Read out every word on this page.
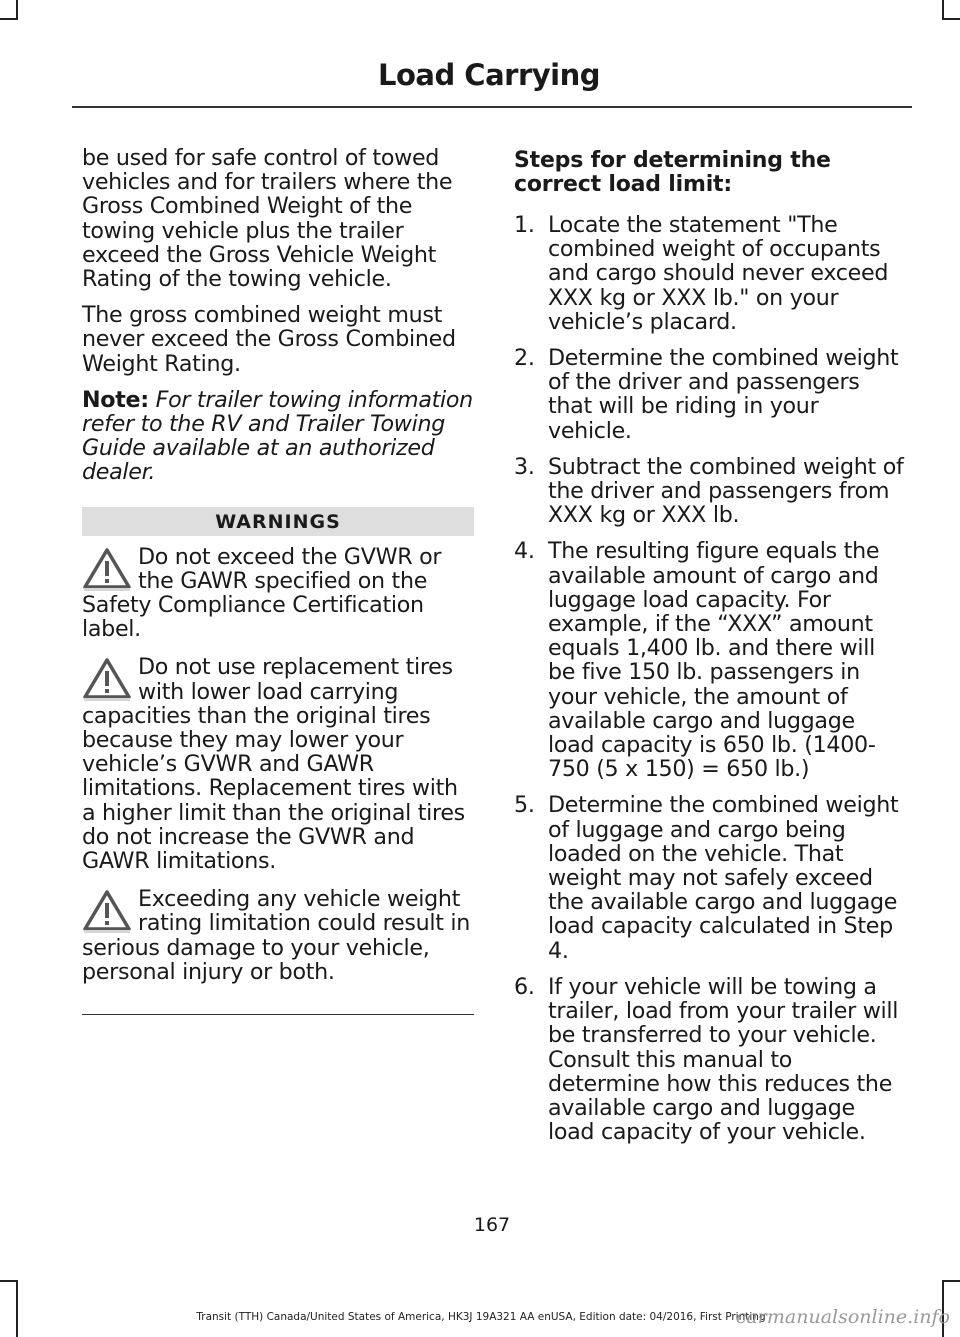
Load Carrying

be used for safe control of towed vehicles and for trailers where the Gross Combined Weight of the towing vehicle plus the trailer exceed the Gross Vehicle Weight Rating of the towing vehicle.

The gross combined weight must never exceed the Gross Combined Weight Rating.

Note: For trailer towing information refer to the RV and Trailer Towing Guide available at an authorized dealer.

WARNINGS
Do not exceed the GVWR or the GAWR specified on the Safety Compliance Certification label.
Do not use replacement tires with lower load carrying capacities than the original tires because they may lower your vehicle’s GVWR and GAWR limitations. Replacement tires with a higher limit than the original tires do not increase the GVWR and GAWR limitations.
Exceeding any vehicle weight rating limitation could result in serious damage to your vehicle, personal injury or both.
Steps for determining the correct load limit:
1. Locate the statement "The combined weight of occupants and cargo should never exceed XXX kg or XXX lb." on your vehicle’s placard.
2. Determine the combined weight of the driver and passengers that will be riding in your vehicle.
3. Subtract the combined weight of the driver and passengers from XXX kg or XXX lb.
4. The resulting figure equals the available amount of cargo and luggage load capacity. For example, if the “XXX” amount equals 1,400 lb. and there will be five 150 lb. passengers in your vehicle, the amount of available cargo and luggage load capacity is 650 lb. (1400-750 (5 x 150) = 650 lb.)
5. Determine the combined weight of luggage and cargo being loaded on the vehicle. That weight may not safely exceed the available cargo and luggage load capacity calculated in Step 4.
6. If your vehicle will be towing a trailer, load from your trailer will be transferred to your vehicle. Consult this manual to determine how this reduces the available cargo and luggage load capacity of your vehicle.
167
Transit (TTH) Canada/United States of America, HK3J 19A321 AA enUSA, Edition date: 04/2016, First Printing
carmanualsonline.info
